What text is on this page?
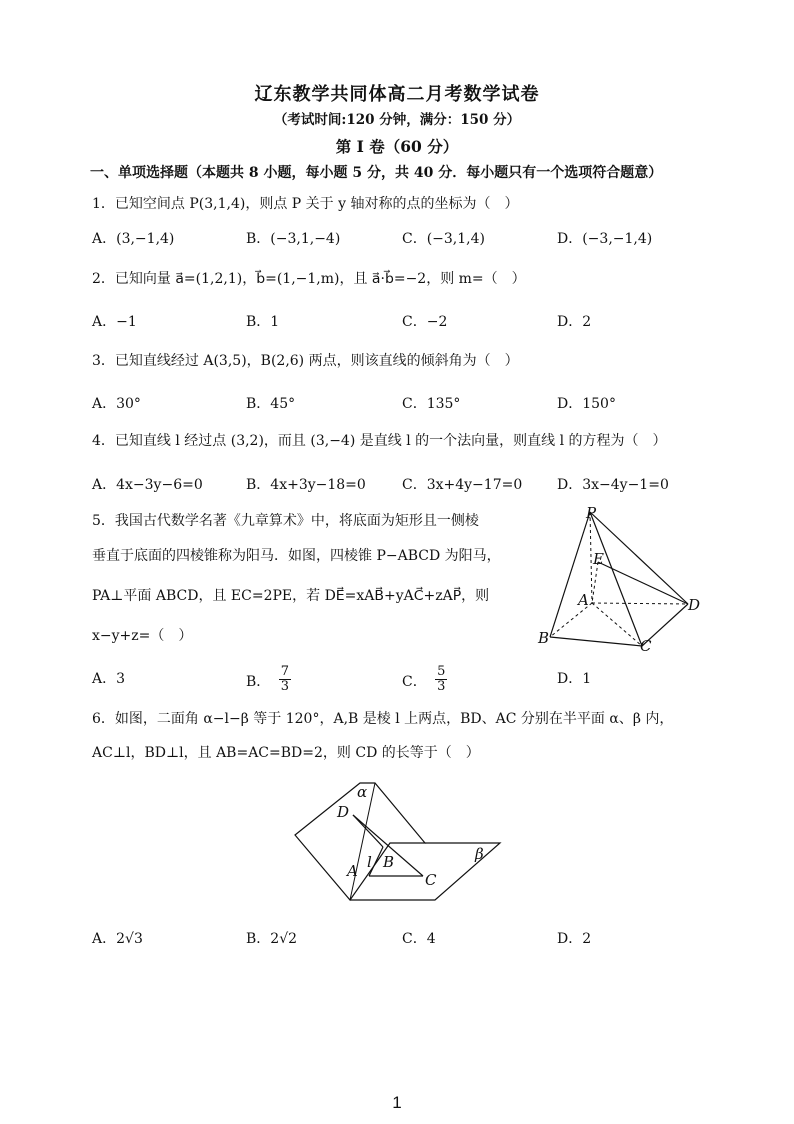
辽东教学共同体高二月考数学试卷
（考试时间:120 分钟，满分：150 分）
第 I 卷（60 分）
一、单项选择题（本题共 8 小题，每小题 5 分，共 40 分．每小题只有一个选项符合题意）
1．已知空间点 P(3,1,4)，则点 P 关于 y 轴对称的点的坐标为（　）
A．(3,−1,4)	B．(−3,1,−4)	C．(−3,1,4)	D．(−3,−1,4)
2．已知向量 a⃗=(1,2,1)，b⃗=(1,−1,m)，且 a⃗·b⃗=−2，则 m=（　）
A．−1	B．1	C．−2	D．2
3．已知直线经过 A(3,5)，B(2,6) 两点，则该直线的倾斜角为（　）
A．30°	B．45°	C．135°	D．150°
4．已知直线 l 经过点 (3,2)，而且 (3,−4) 是直线 l 的一个法向量，则直线 l 的方程为（　）
A．4x−3y−6=0	B．4x+3y−18=0	C．3x+4y−17=0 D．3x−4y−1=0
5．我国古代数学名著《九章算术》中，将底面为矩形且一侧棱
垂直于底面的四棱锥称为阳马．如图，四棱锥 P−ABCD 为阳马，
PA⊥平面 ABCD，且 EC=2PE，若 DE⃗=xAB⃗+yAC⃗+zAP⃗，则
x−y+z=（　）
P
E
A	D
B	C
A．3	B． $\frac{7}{3}$	C． $\frac{5}{3}$	D．1
6．如图，二面角 α−l−β 等于 120°，A,B 是棱 l 上两点，BD、AC 分别在半平面 α、β 内，
AC⊥l，BD⊥l，且 AB=AC=BD=2，则 CD 的长等于（　）
α
D
β
l B
A	C
A．2√3	B．2√2	C．4	D．2
1
